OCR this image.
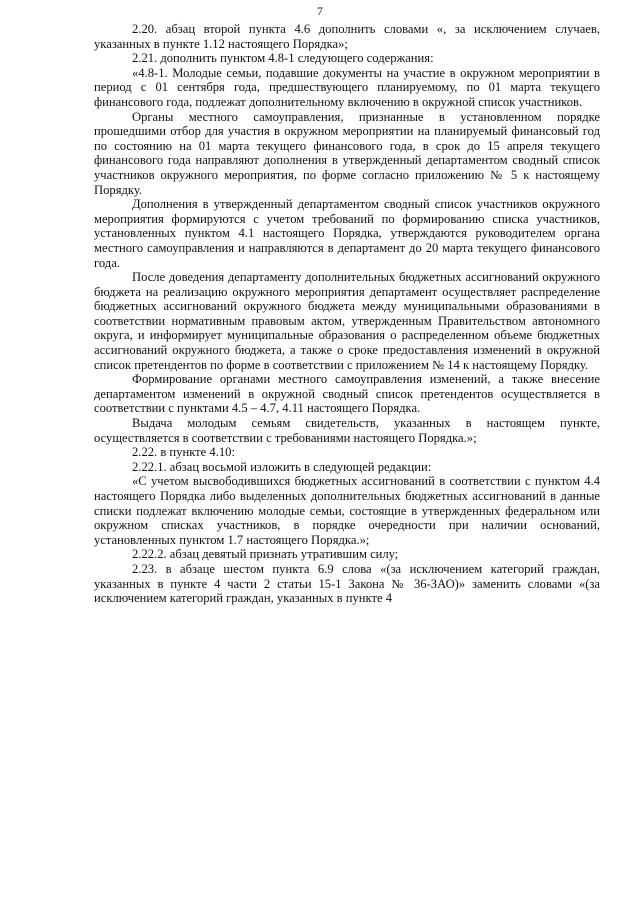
7

2.20. абзац второй пункта 4.6 дополнить словами «, за исключением случаев, указанных в пункте 1.12 настоящего Порядка»;

2.21. дополнить пунктом 4.8-1 следующего содержания:

«4.8-1. Молодые семьи, подавшие документы на участие в окружном мероприятии в период с 01 сентября года, предшествующего планируемому, по 01 марта текущего финансового года, подлежат дополнительному включению в окружной список участников.

Органы местного самоуправления, признанные в установленном порядке прошедшими отбор для участия в окружном мероприятии на планируемый финансовый год по состоянию на 01 марта текущего финансового года, в срок до 15 апреля текущего финансового года направляют дополнения в утвержденный департаментом сводный список участников окружного мероприятия, по форме согласно приложению № 5 к настоящему Порядку.

Дополнения в утвержденный департаментом сводный список участников окружного мероприятия формируются с учетом требований по формированию списка участников, установленных пунктом 4.1 настоящего Порядка, утверждаются руководителем органа местного самоуправления и направляются в департамент до 20 марта текущего финансового года.

После доведения департаменту дополнительных бюджетных ассигнований окружного бюджета на реализацию окружного мероприятия департамент осуществляет распределение бюджетных ассигнований окружного бюджета между муниципальными образованиями в соответствии нормативным правовым актом, утвержденным Правительством автономного округа, и информирует муниципальные образования о распределенном объеме бюджетных ассигнований окружного бюджета, а также о сроке предоставления изменений в окружной список претендентов по форме в соответствии с приложением № 14 к настоящему Порядку.

Формирование органами местного самоуправления изменений, а также внесение департаментом изменений в окружной сводный список претендентов осуществляется в соответствии с пунктами 4.5 – 4.7, 4.11 настоящего Порядка.

Выдача молодым семьям свидетельств, указанных в настоящем пункте, осуществляется в соответствии с требованиями настоящего Порядка.»;

2.22. в пункте 4.10:

2.22.1. абзац восьмой изложить в следующей редакции:

«С учетом высвободившихся бюджетных ассигнований в соответствии с пунктом 4.4 настоящего Порядка либо выделенных дополнительных бюджетных ассигнований в данные списки подлежат включению молодые семьи, состоящие в утвержденных федеральном или окружном списках участников, в порядке очередности при наличии оснований, установленных пунктом 1.7 настоящего Порядка.»;

2.22.2. абзац девятый признать утратившим силу;

2.23. в абзаце шестом пункта 6.9 слова «(за исключением категорий граждан, указанных в пункте 4 части 2 статьи 15-1 Закона № 36-ЗАО)» заменить словами «(за исключением категорий граждан, указанных в пункте 4
